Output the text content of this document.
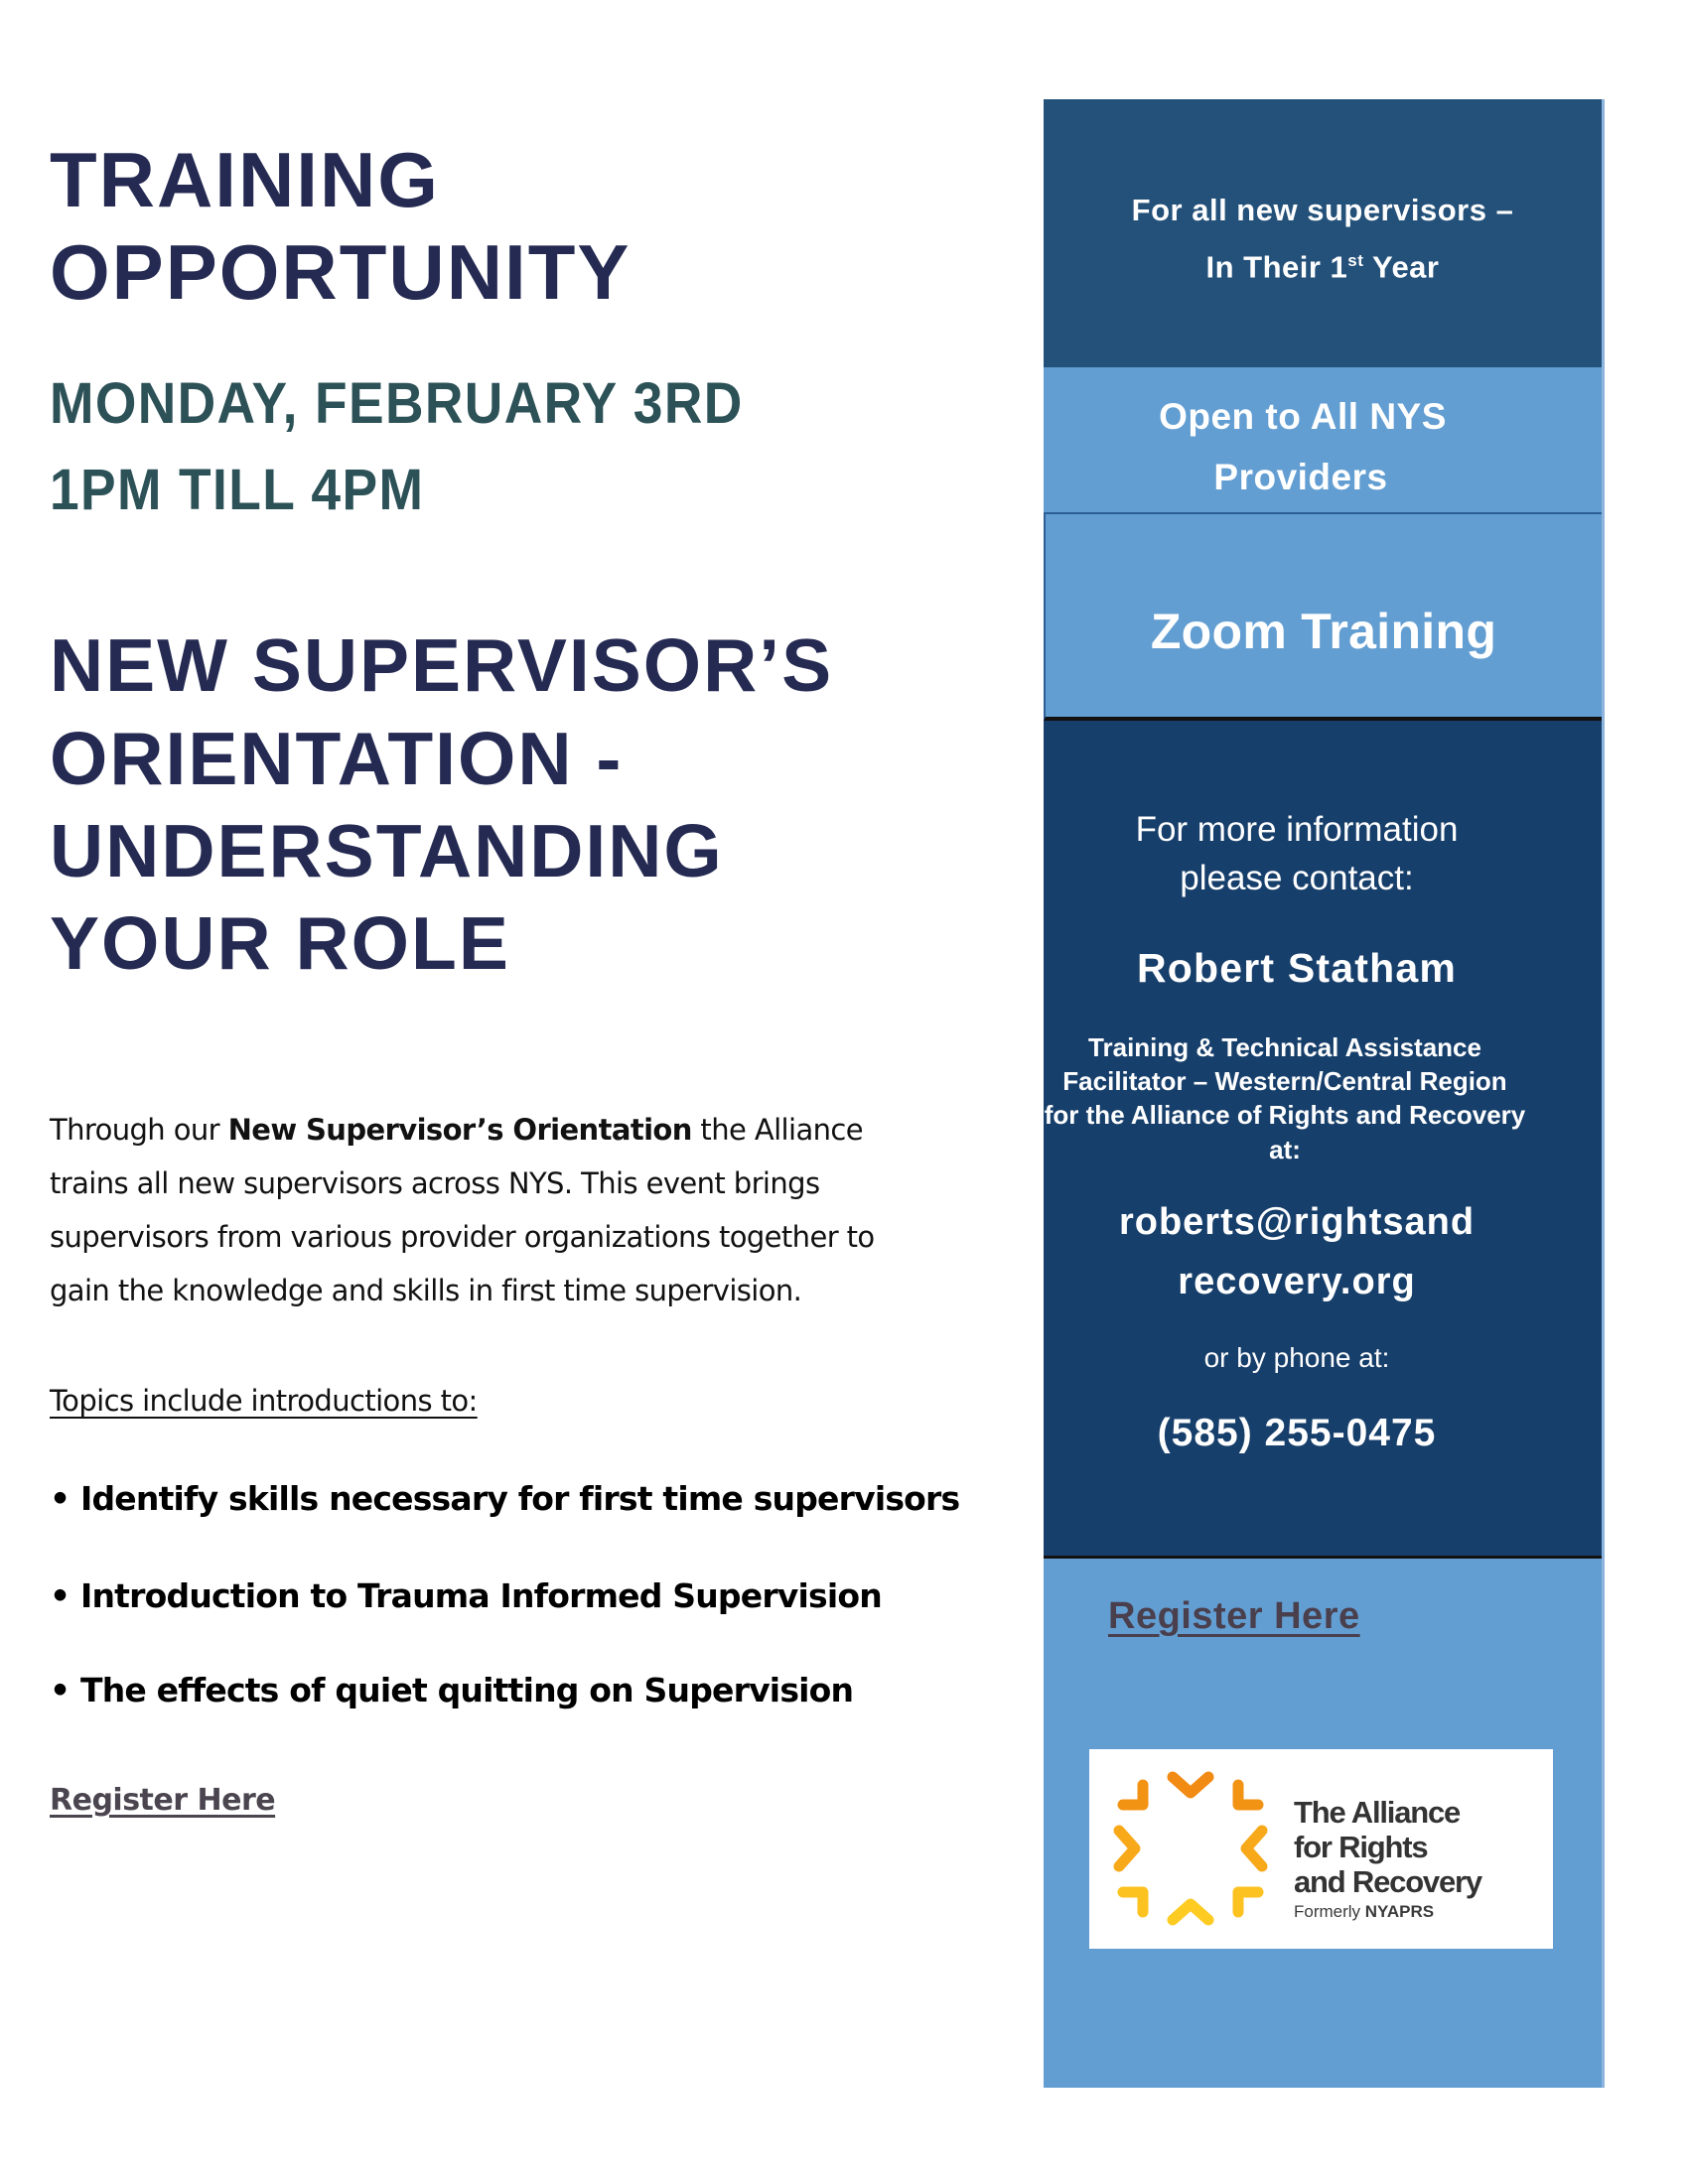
TRAINING
OPPORTUNITY
MONDAY, FEBRUARY 3RD
1PM TILL 4PM
NEW SUPERVISOR’S
ORIENTATION -
UNDERSTANDING
YOUR ROLE
Through our New Supervisor’s Orientation the Alliance
trains all new supervisors across NYS. This event brings
supervisors from various provider organizations together to
gain the knowledge and skills in first time supervision.
Topics include introductions to:
• Identify skills necessary for first time supervisors
• Introduction to Trauma Informed Supervision
• The effects of quiet quitting on Supervision
Register Here
For all new supervisors –
In Their 1st Year
Open to All NYS
Providers
Zoom Training
For more information
please contact:
Robert Statham
Training & Technical Assistance
Facilitator – Western/Central Region
for the Alliance of Rights and Recovery
at:
roberts@rightsand
recovery.org
or by phone at:
(585) 255-0475
Register Here
The Alliance
for Rights
and Recovery
Formerly NYAPRS
